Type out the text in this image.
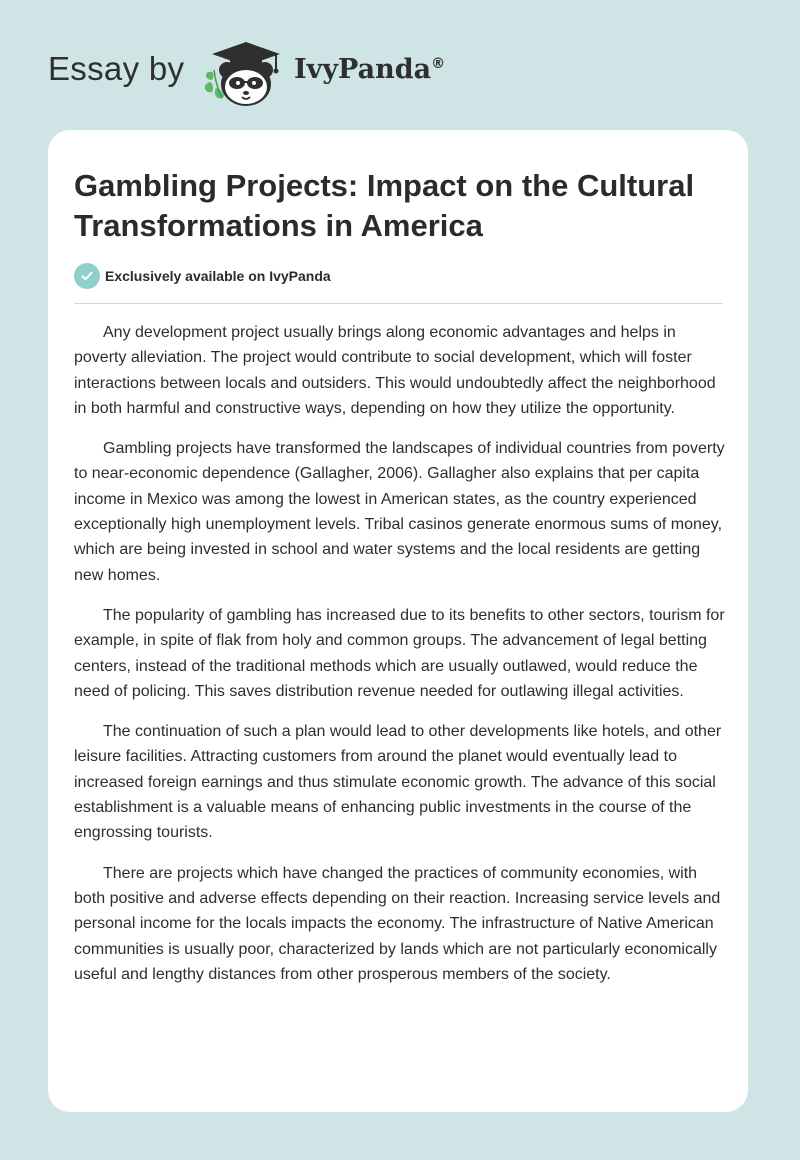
Essay by	IvyPanda®
Gambling Projects: Impact on the Cultural Transformations in America
Exclusively available on IvyPanda

Any development project usually brings along economic advantages and helps in poverty alleviation. The project would contribute to social development, which will foster interactions between locals and outsiders. This would undoubtedly affect the neighborhood in both harmful and constructive ways, depending on how they utilize the opportunity.

Gambling projects have transformed the landscapes of individual countries from poverty to near-economic dependence (Gallagher, 2006). Gallagher also explains that per capita income in Mexico was among the lowest in American states, as the country experienced exceptionally high unemployment levels. Tribal casinos generate enormous sums of money, which are being invested in school and water systems and the local residents are getting new homes.

The popularity of gambling has increased due to its benefits to other sectors, tourism for example, in spite of flak from holy and common groups. The advancement of legal betting centers, instead of the traditional methods which are usually outlawed, would reduce the need of policing. This saves distribution revenue needed for outlawing illegal activities.

The continuation of such a plan would lead to other developments like hotels, and other leisure facilities. Attracting customers from around the planet would eventually lead to increased foreign earnings and thus stimulate economic growth. The advance of this social establishment is a valuable means of enhancing public investments in the course of the engrossing tourists.

There are projects which have changed the practices of community economies, with both positive and adverse effects depending on their reaction. Increasing service levels and personal income for the locals impacts the economy. The infrastructure of Native American communities is usually poor, characterized by lands which are not particularly economically useful and lengthy distances from other prosperous members of the society.
